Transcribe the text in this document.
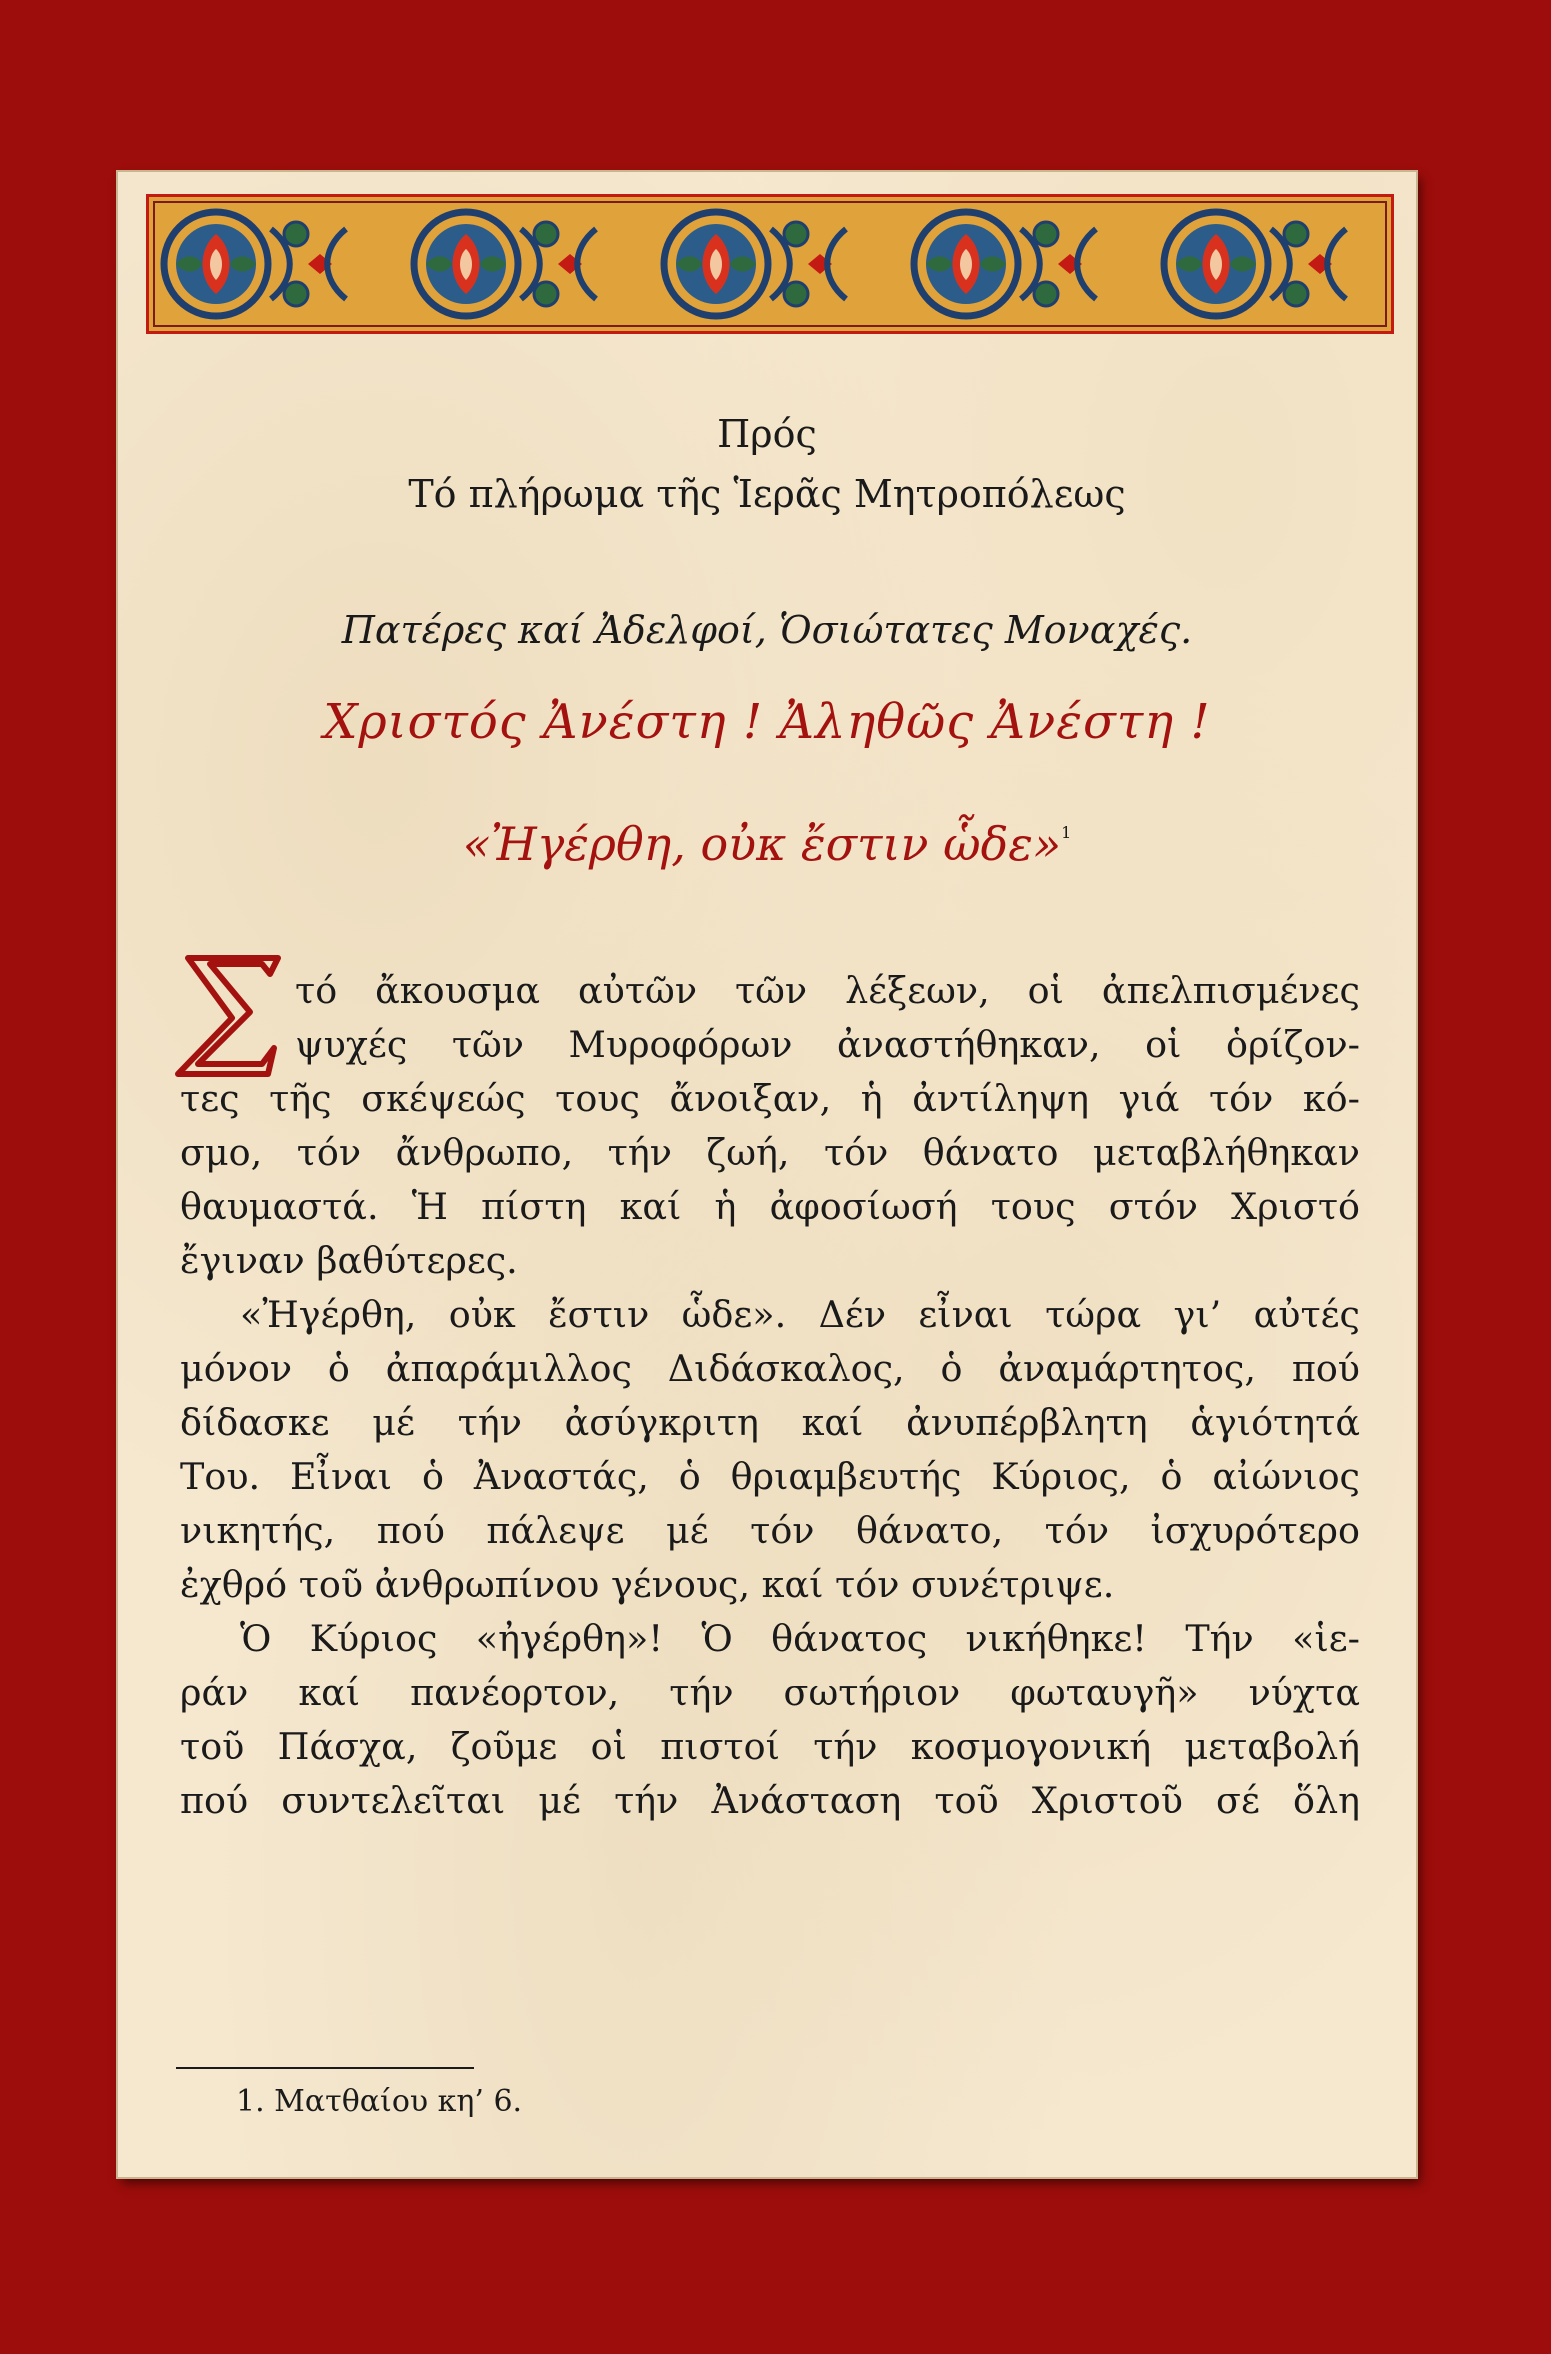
Πρός
Τό πλήρωμα τῆς Ἱερᾶς Μητροπόλεως
Πατέρες καί Ἀδελφοί, Ὁσιώτατες Μοναχές.
Χριστός Ἀνέστη ! Ἀληθῶς Ἀνέστη !
«Ἠγέρθη, οὐκ ἔστιν ὧδε»$^1$
Σ
τό ἄκουσμα αὐτῶν τῶν λέξεων, οἱ ἀπελπισμένες
ψυχές τῶν Μυροφόρων ἀναστήθηκαν, οἱ ὁρίζον-
τες τῆς σκέψεώς τους ἄνοιξαν, ἡ ἀντίληψη γιά τόν κό-
σμο, τόν ἄνθρωπο, τήν ζωή, τόν θάνατο μεταβλήθηκαν
θαυμαστά. Ἡ πίστη καί ἡ ἀφοσίωσή τους στόν Χριστό
ἔγιναν βαθύτερες.
«Ἠγέρθη, οὐκ ἔστιν ὧδε». Δέν εἶναι τώρα γι’ αὐτές
μόνον ὁ ἀπαράμιλλος Διδάσκαλος, ὁ ἀναμάρτητος, πού
δίδασκε μέ τήν ἀσύγκριτη καί ἀνυπέρβλητη ἁγιότητά
Του. Εἶναι ὁ Ἀναστάς, ὁ θριαμβευτής Κύριος, ὁ αἰώνιος
νικητής, πού πάλεψε μέ τόν θάνατο, τόν ἰσχυρότερο
ἐχθρό τοῦ ἀνθρωπίνου γένους, καί τόν συνέτριψε.
Ὁ Κύριος «ἠγέρθη»! Ὁ θάνατος νικήθηκε! Τήν «ἱε-
ράν καί πανέορτον, τήν σωτήριον φωταυγῆ» νύχτα
τοῦ Πάσχα, ζοῦμε οἱ πιστοί τήν κοσμογονική μεταβολή
πού συντελεῖται μέ τήν Ἀνάσταση τοῦ Χριστοῦ σέ ὅλη
1. Ματθαίου κη’ 6.
